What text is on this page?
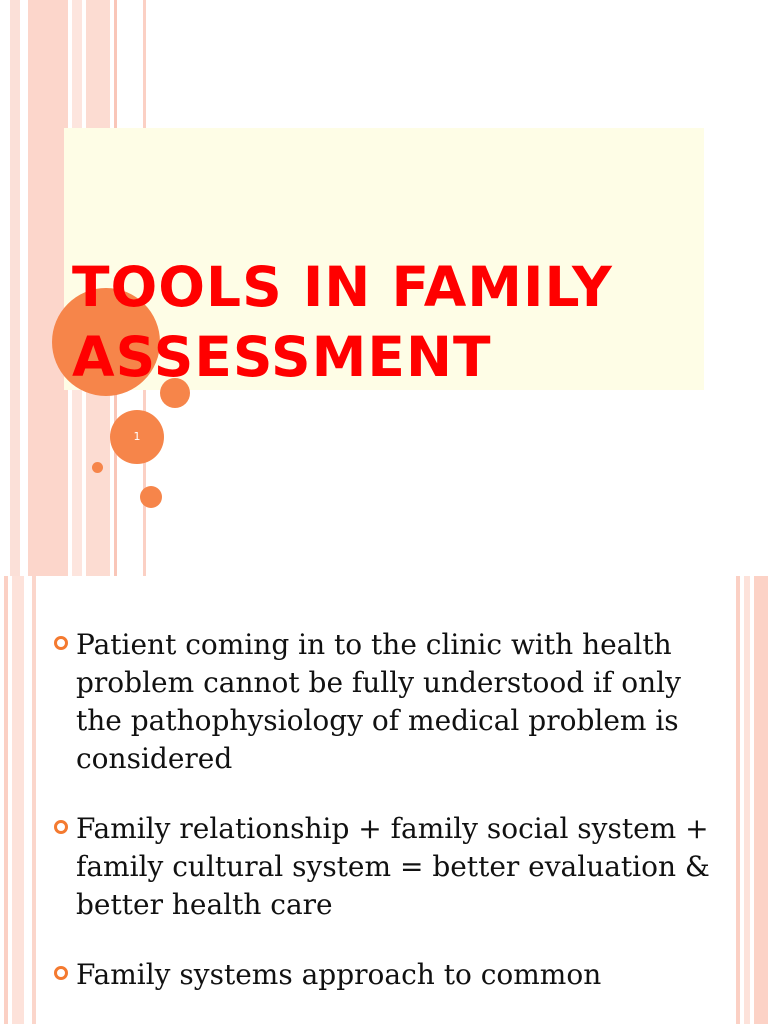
TOOLS IN FAMILY ASSESSMENT
1
Patient coming in to the clinic with health problem cannot be fully understood if only the pathophysiology of medical problem is considered
Family relationship + family social system + family cultural system = better evaluation & better health care
Family systems approach to common
